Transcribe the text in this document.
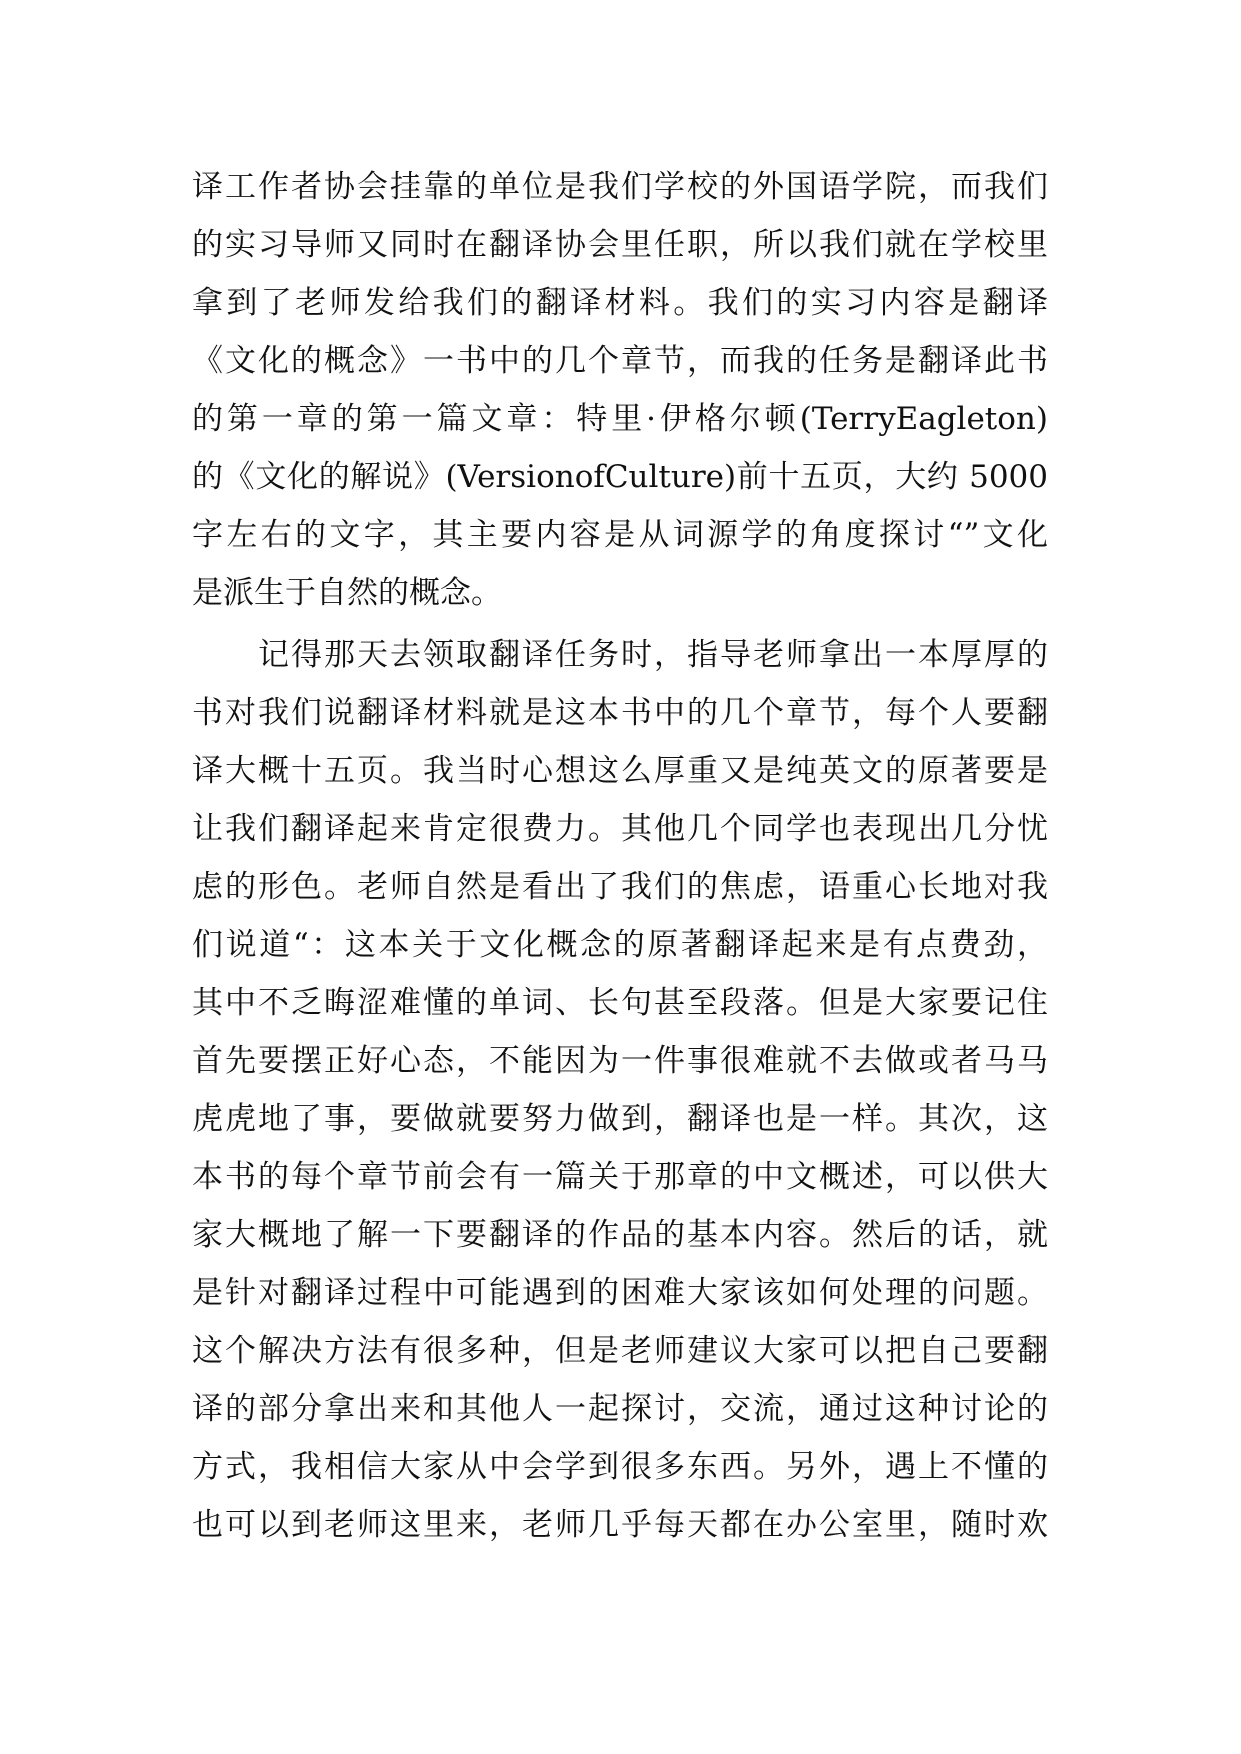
译工作者协会挂靠的单位是我们学校的外国语学院，而我们
的实习导师又同时在翻译协会里任职，所以我们就在学校里
拿到了老师发给我们的翻译材料。我们的实习内容是翻译
《文化的概念》一书中的几个章节，而我的任务是翻译此书
的第一章的第一篇文章：特里·伊格尔顿(TerryEagleton)
的《文化的解说》(VersionofCulture)前十五页，大约 5000
字左右的文字，其主要内容是从词源学的角度探讨“”文化
是派生于自然的概念。
　　记得那天去领取翻译任务时，指导老师拿出一本厚厚的
书对我们说翻译材料就是这本书中的几个章节，每个人要翻
译大概十五页。我当时心想这么厚重又是纯英文的原著要是
让我们翻译起来肯定很费力。其他几个同学也表现出几分忧
虑的形色。老师自然是看出了我们的焦虑，语重心长地对我
们说道“：这本关于文化概念的原著翻译起来是有点费劲，
其中不乏晦涩难懂的单词、长句甚至段落。但是大家要记住
首先要摆正好心态，不能因为一件事很难就不去做或者马马
虎虎地了事，要做就要努力做到，翻译也是一样。其次，这
本书的每个章节前会有一篇关于那章的中文概述，可以供大
家大概地了解一下要翻译的作品的基本内容。然后的话，就
是针对翻译过程中可能遇到的困难大家该如何处理的问题。
这个解决方法有很多种，但是老师建议大家可以把自己要翻
译的部分拿出来和其他人一起探讨，交流，通过这种讨论的
方式，我相信大家从中会学到很多东西。另外，遇上不懂的
也可以到老师这里来，老师几乎每天都在办公室里，随时欢
